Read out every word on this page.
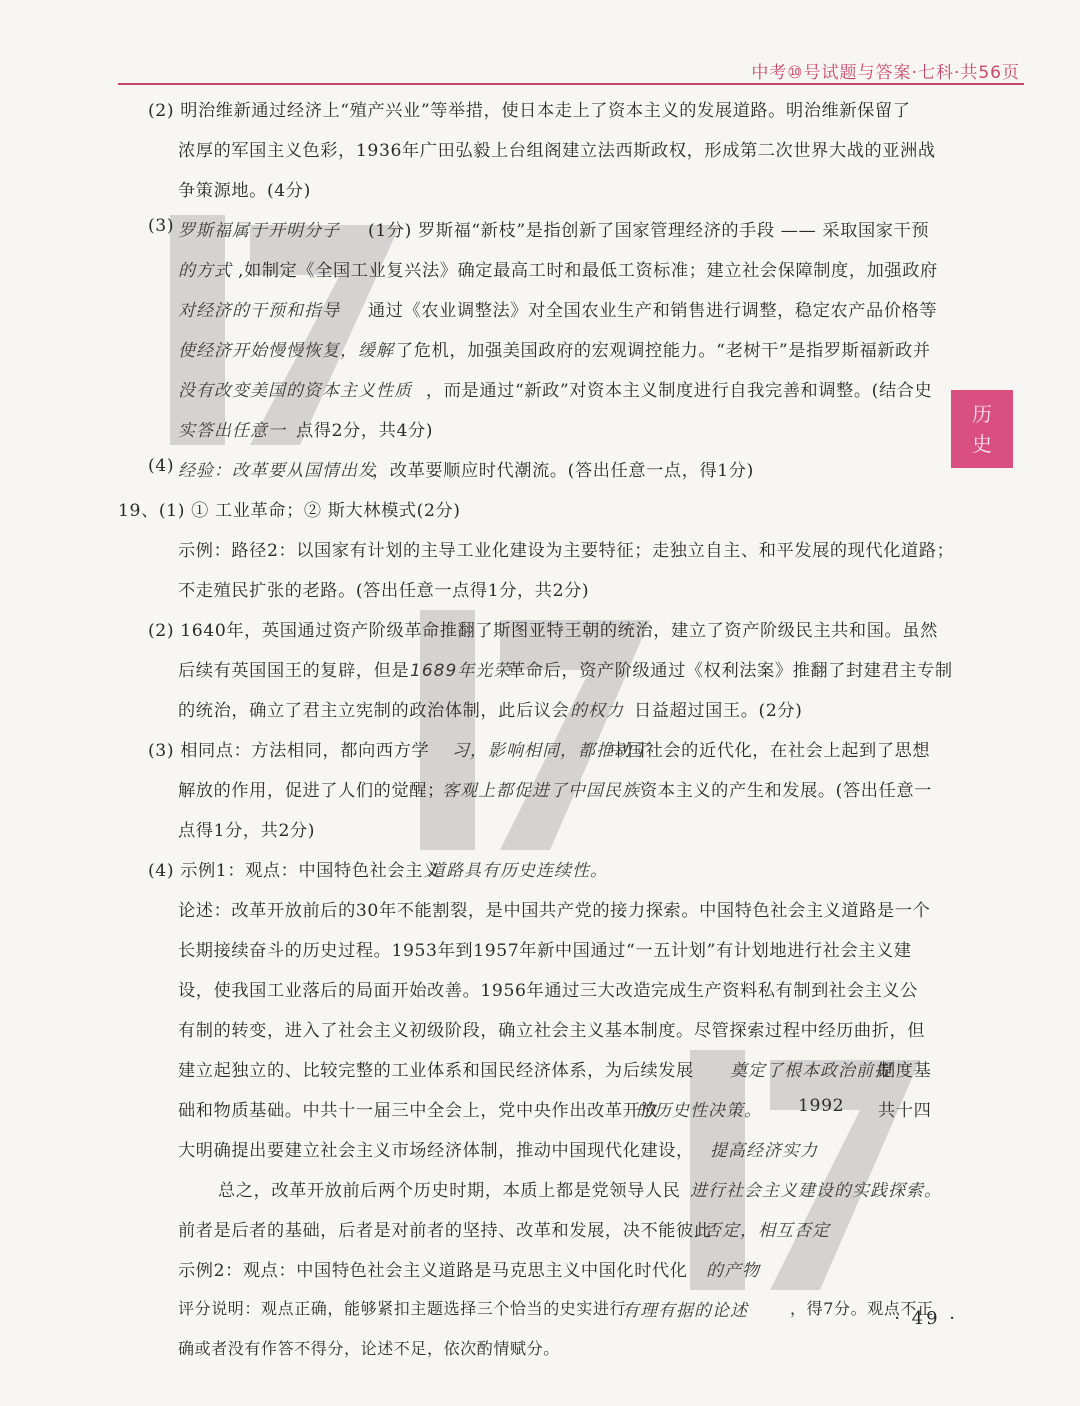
中考⑩号试题与答案·七科·共56页
历
史
(2) 明治维新通过经济上“殖产兴业”等举措，使日本走上了资本主义的发展道路。明治维新保留了
浓厚的军国主义色彩，1936年广田弘毅上台组阁建立法西斯政权，形成第二次世界大战的亚洲战
争策源地。(4分)
(3) 罗斯福属于开明分子 (1分) 罗斯福“新枝”是指创新了国家管理经济的手段 —— 采取国家干预
的方式 ,如制定《全国工业复兴法》确定最高工时和最低工资标准；建立社会保障制度，加强政府
对经济的干预和指导 通过《农业调整法》对全国农业生产和销售进行调整，稳定农产品价格等
使经济开始慢慢恢复，缓解 了危机，加强美国政府的宏观调控能力。“老树干”是指罗斯福新政并
没有改变美国的资本主义性质 ，而是通过“新政”对资本主义制度进行自我完善和调整。(结合史
实答出任意一 点得2分，共4分)
(4) 经验：改革要从国情出发
，改革要顺应时代潮流。(答出任意一点，得1分)
19、(1) ① 工业革命；② 斯大林模式(2分)
示例：路径2：以国家有计划的主导工业化建设为主要特征；走独立自主、和平发展的现代化道路；
不走殖民扩张的老路。(答出任意一点得1分，共2分)
(2) 1640年，英国通过资产阶级革命推翻了斯图亚特王朝的统治，建立了资产阶级民主共和国。虽然
后续有英国国王的复辟，但是 1689年光荣
革命后，资产阶级通过《权利法案》推翻了封建君主专制
的统治，确立了君主立宪制的政治体制，此后议会 的权力 日益超过国王。(2分)
(3) 相同点：方法相同，都向西方学 习，影响相同，都推动了
中国社会的近代化，在社会上起到了思想
解放的作用，促进了人们的觉醒；
客观上都促进了中国民族 资本主义的产生和发展。(答出任意一
点得1分，共2分)
(4) 示例1：观点：中国特色社会主义
道路具有历史连续性。
论述：改革开放前后的30年不能割裂，是中国共产党的接力探索。中国特色社会主义道路是一个
长期接续奋斗的历史过程。1953年到1957年新中国通过“一五计划”有计划地进行社会主义建
设，使我国工业落后的局面开始改善。1956年通过三大改造完成生产资料私有制到社会主义公
有制的转变，进入了社会主义初级阶段，确立社会主义基本制度。尽管探索过程中经历曲折，但
建立起独立的、比较完整的工业体系和国民经济体系，为后续发展 奠定了根本政治前提
制度基
础和物质基础。中共十一届三中全会上，党中央作出改革开放
的历史性决策。 1992 共十四
大明确提出要建立社会主义市场经济体制，推动中国现代化建设， 提高经济实力
总之，改革开放前后两个历史时期，本质上都是党领导人民 进行社会主义建设的实践探索。
前者是后者的基础，后者是对前者的坚持、改革和发展，决不能彼此
否定，相互否定
示例2：观点：中国特色社会主义道路是马克思主义中国化时代化 的产物
评分说明：观点正确，能够紧扣主题选择三个恰当的史实进行
有理有据的论述	，得7分。观点不正
确或者没有作答不得分，论述不足，依次酌情赋分。
· 49 ·
